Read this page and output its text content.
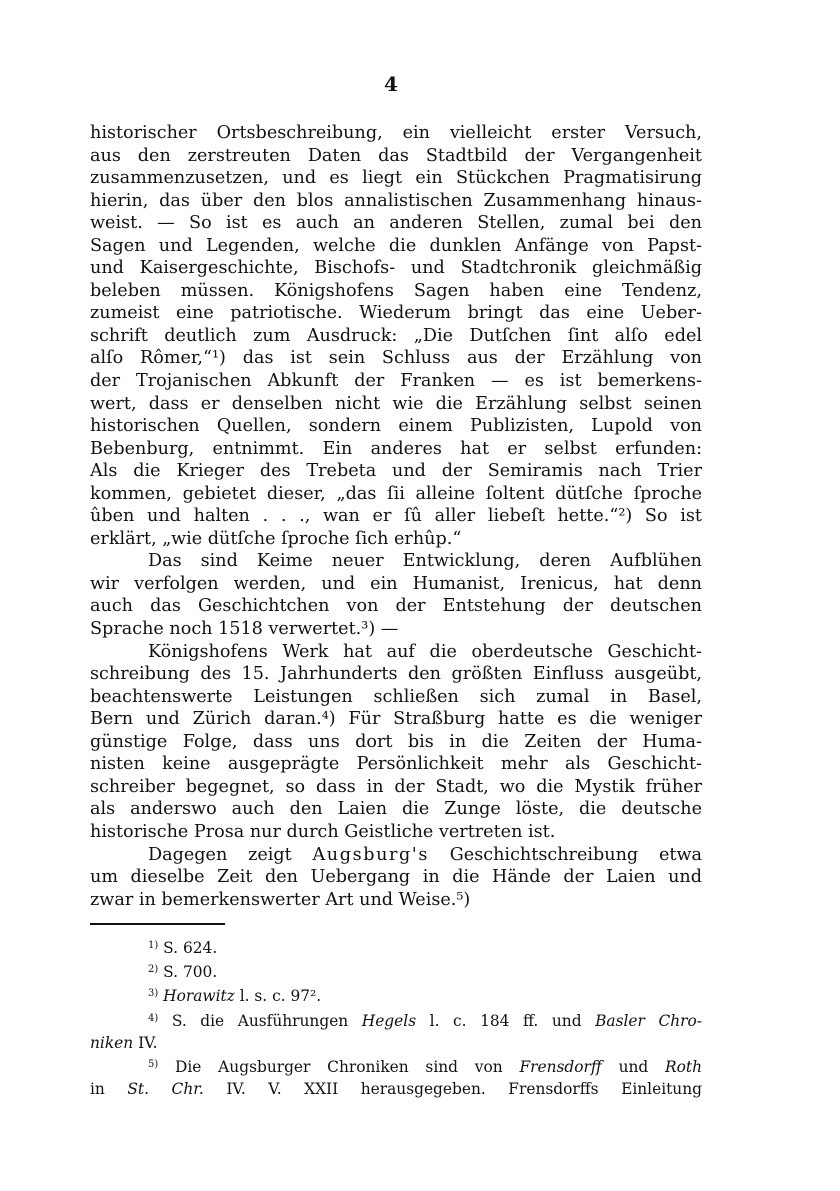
4
historischer Ortsbeschreibung, ein vielleicht erster Versuch,
aus den zerstreuten Daten das Stadtbild der Vergangenheit
zusammenzusetzen, und es liegt ein Stückchen Pragmatisirung
hierin, das über den blos annalistischen Zusammenhang hinaus-
weist. — So ist es auch an anderen Stellen, zumal bei den
Sagen und Legenden, welche die dunklen Anfänge von Papst-
und Kaisergeschichte, Bischofs- und Stadtchronik gleichmäßig
beleben müssen. Königshofens Sagen haben eine Tendenz,
zumeist eine patriotische. Wiederum bringt das eine Ueber-
schrift deutlich zum Ausdruck: „Die Dutſchen ſint alſo edel
alſo Rômer,“¹) das ist sein Schluss aus der Erzählung von
der Trojanischen Abkunft der Franken — es ist bemerkens-
wert, dass er denselben nicht wie die Erzählung selbst seinen
historischen Quellen, sondern einem Publizisten, Lupold von
Bebenburg, entnimmt. Ein anderes hat er selbst erfunden:
Als die Krieger des Trebeta und der Semiramis nach Trier
kommen, gebietet dieser, „das ſii alleine ſoltent dütſche ſproche
ûben und halten . . ., wan er ſû aller liebeſt hette.“²) So ist
erklärt, „wie dütſche ſproche ſich erhûp.“
Das sind Keime neuer Entwicklung, deren Aufblühen
wir verfolgen werden, und ein Humanist, Irenicus, hat denn
auch das Geschichtchen von der Entstehung der deutschen
Sprache noch 1518 verwertet.³) —
Königshofens Werk hat auf die oberdeutsche Geschicht-
schreibung des 15. Jahrhunderts den größten Einfluss ausgeübt,
beachtenswerte Leistungen schließen sich zumal in Basel,
Bern und Zürich daran.⁴) Für Straßburg hatte es die weniger
günstige Folge, dass uns dort bis in die Zeiten der Huma-
nisten keine ausgeprägte Persönlichkeit mehr als Geschicht-
schreiber begegnet, so dass in der Stadt, wo die Mystik früher
als anderswo auch den Laien die Zunge löste, die deutsche
historische Prosa nur durch Geistliche vertreten ist.
Dagegen zeigt Augsburg's Geschichtschreibung etwa
um dieselbe Zeit den Uebergang in die Hände der Laien und
zwar in bemerkenswerter Art und Weise.⁵)
$^{1)}$ S. 624.
$^{2)}$ S. 700.
$^{3)}$ Horawitz l. s. c. 97².
$^{4)}$ S. die Ausführungen Hegels l. c. 184 ff. und Basler Chro-
niken IV.
$^{5)}$ Die Augsburger Chroniken sind von Frensdorff und Roth
in St. Chr. IV. V. XXII herausgegeben. Frensdorffs Einleitung
